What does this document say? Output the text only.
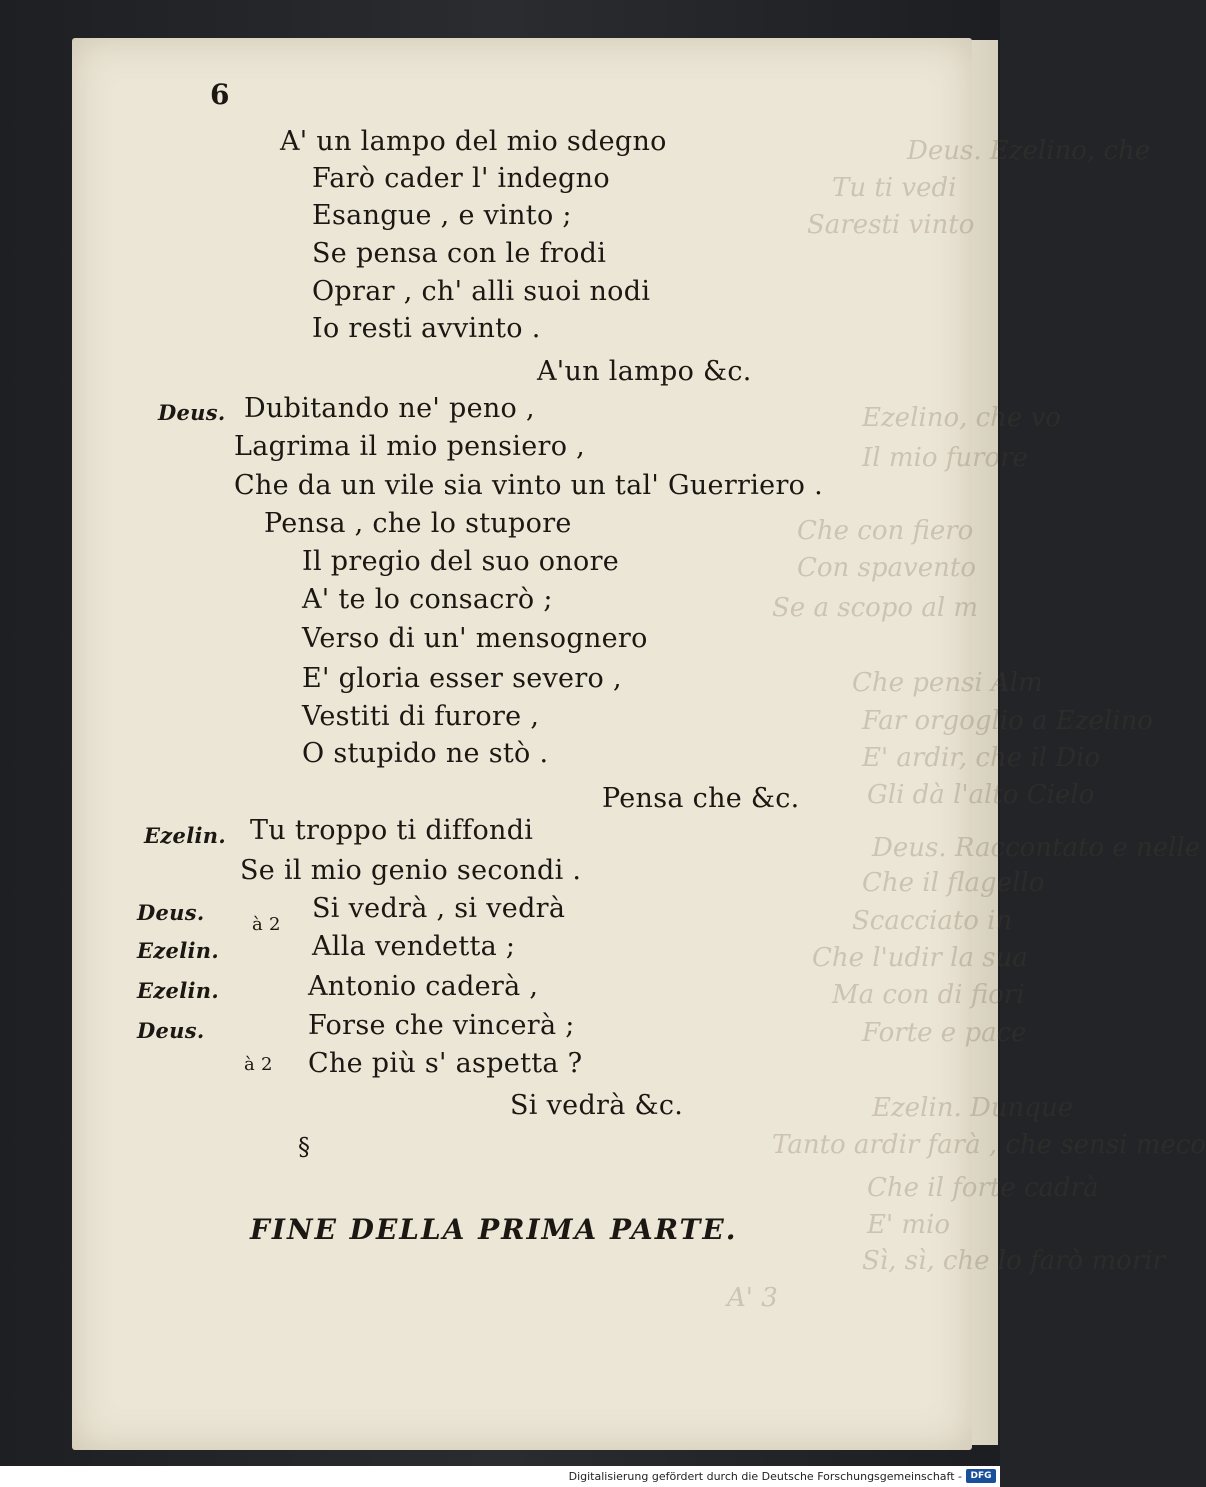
Deus. Ezelino, che
Tu ti vedi
Saresti vinto
Ezelino, che vo
Il mio furore
Che con fiero
Con spavento
Se a scopo al m
Che pensi Alm
Far orgoglio a Ezelino
E' ardir, che il Dio
Gli dà l'alto Cielo
Deus. Raccontato e nelle
Che il flagello
Scacciato in
Che l'udir la sua
Ma con di fiori
Forte e pace
Ezelin. Dunque
Tanto ardir farà , che sensi meco
Che il forte cadrà
E' mio
Sì, sì, che lo farò morir
A' 3
6
A' un lampo del mio sdegno
Farò cader l' indegno
Esangue , e vinto ;
Se pensa con le frodi
Oprar , ch' alli suoi nodi
Io resti avvinto .
A'un lampo &c.
Deus. Dubitando ne' peno ,
Lagrima il mio pensiero ,
Che da un vile sia vinto un tal' Guerriero .
Pensa , che lo stupore
Il pregio del suo onore
A' te lo consacrò ;
Verso di un' mensognero
E' gloria esser severo ,
Vestiti di furore ,
O stupido ne stò .
Pensa che &c.
Ezelin. Tu troppo ti diffondi
Se il mio genio secondi .
Deus.
Ezelin.
Ezelin.
Deus.
à 2
Si vedrà , si vedrà
Alla vendetta ;
Antonio caderà ,
Forse che vincerà ;
à 2 Che più s' aspetta ?
Si vedrà &c.
§
FINE DELLA PRIMA PARTE.
Digitalisierung gefördert durch die Deutsche Forschungsgemeinschaft - DFG
